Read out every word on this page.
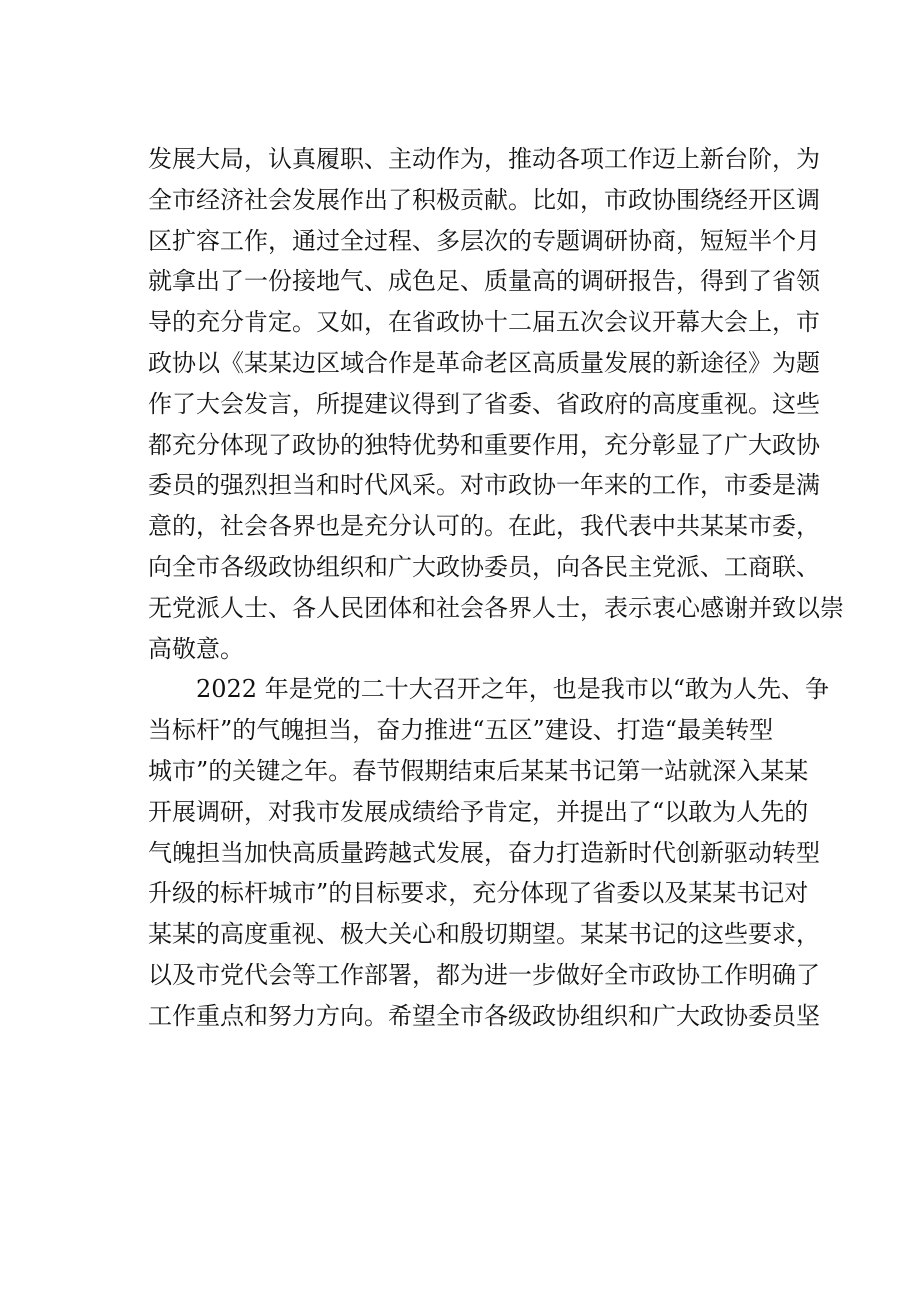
发展大局，认真履职、主动作为，推动各项工作迈上新台阶，为
全市经济社会发展作出了积极贡献。比如，市政协围绕经开区调
区扩容工作，通过全过程、多层次的专题调研协商，短短半个月
就拿出了一份接地气、成色足、质量高的调研报告，得到了省领
导的充分肯定。又如，在省政协十二届五次会议开幕大会上，市
政协以《某某边区域合作是革命老区高质量发展的新途径》为题
作了大会发言，所提建议得到了省委、省政府的高度重视。这些
都充分体现了政协的独特优势和重要作用，充分彰显了广大政协
委员的强烈担当和时代风采。对市政协一年来的工作，市委是满
意的，社会各界也是充分认可的。在此，我代表中共某某市委，
向全市各级政协组织和广大政协委员，向各民主党派、工商联、
无党派人士、各人民团体和社会各界人士，表示衷心感谢并致以崇
高敬意。
2022 年是党的二十大召开之年，也是我市以“敢为人先、争
当标杆”的气魄担当，奋力推进“五区”建设、打造“最美转型
城市”的关键之年。春节假期结束后某某书记第一站就深入某某
开展调研，对我市发展成绩给予肯定，并提出了“以敢为人先的
气魄担当加快高质量跨越式发展，奋力打造新时代创新驱动转型
升级的标杆城市”的目标要求，充分体现了省委以及某某书记对
某某的高度重视、极大关心和殷切期望。某某书记的这些要求，
以及市党代会等工作部署，都为进一步做好全市政协工作明确了
工作重点和努力方向。希望全市各级政协组织和广大政协委员坚
